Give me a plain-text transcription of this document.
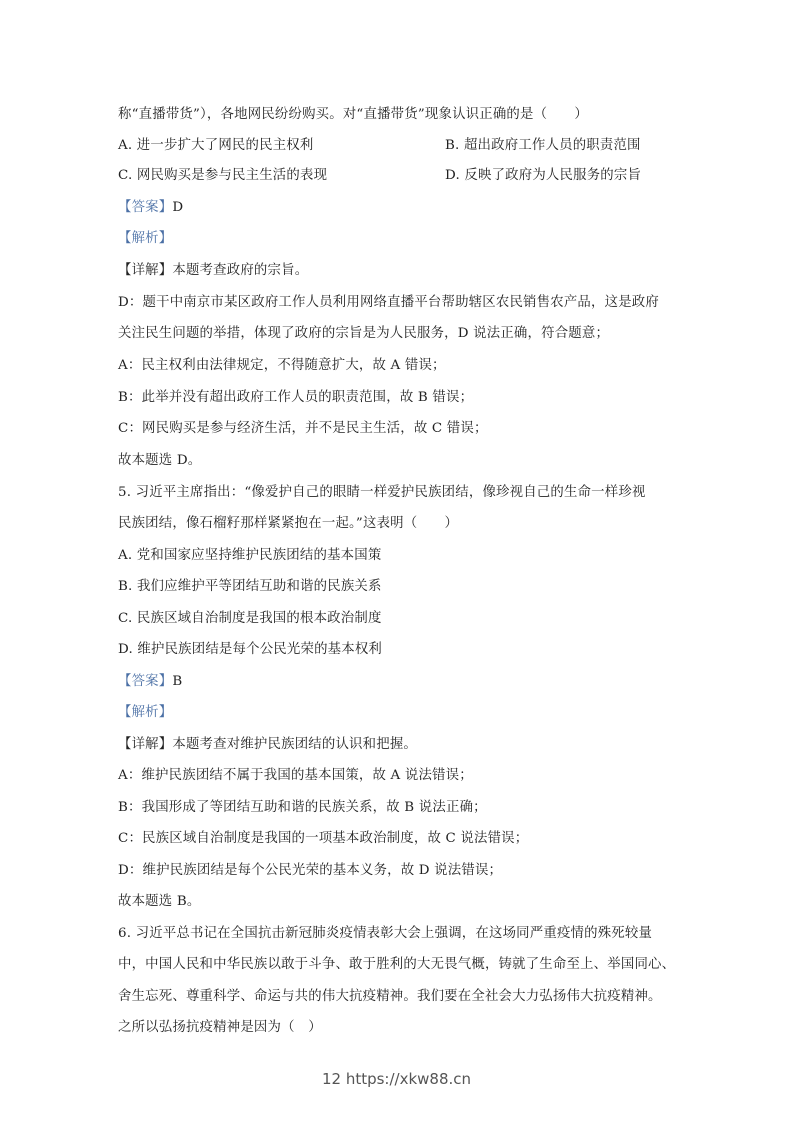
称“直播带货”），各地网民纷纷购买。对“直播带货”现象认识正确的是（　　）
A. 进一步扩大了网民的民主权利	B. 超出政府工作人员的职责范围
C. 网民购买是参与民主生活的表现	D. 反映了政府为人民服务的宗旨
【答案】D
【解析】
【详解】本题考查政府的宗旨。
D：题干中南京市某区政府工作人员利用网络直播平台帮助辖区农民销售农产品，这是政府
关注民生问题的举措，体现了政府的宗旨是为人民服务，D 说法正确，符合题意；
A：民主权利由法律规定，不得随意扩大，故 A 错误；
B：此举并没有超出政府工作人员的职责范围，故 B 错误；
C：网民购买是参与经济生活，并不是民主生活，故 C 错误；
故本题选 D。
5. 习近平主席指出：“像爱护自己的眼睛一样爱护民族团结，像珍视自己的生命一样珍视
民族团结，像石榴籽那样紧紧抱在一起。”这表明（　　）
A. 党和国家应坚持维护民族团结的基本国策
B. 我们应维护平等团结互助和谐的民族关系
C. 民族区域自治制度是我国的根本政治制度
D. 维护民族团结是每个公民光荣的基本权利
【答案】B
【解析】
【详解】本题考查对维护民族团结的认识和把握。
A：维护民族团结不属于我国的基本国策，故 A 说法错误；
B：我国形成了等团结互助和谐的民族关系，故 B 说法正确；
C：民族区域自治制度是我国的一项基本政治制度，故 C 说法错误；
D：维护民族团结是每个公民光荣的基本义务，故 D 说法错误；
故本题选 B。
6. 习近平总书记在全国抗击新冠肺炎疫情表彰大会上强调，在这场同严重疫情的殊死较量
中，中国人民和中华民族以敢于斗争、敢于胜利的大无畏气概，铸就了生命至上、举国同心、
舍生忘死、尊重科学、命运与共的伟大抗疫精神。我们要在全社会大力弘扬伟大抗疫精神。
之所以弘扬抗疫精神是因为（　）
12 https://xkw88.cn
